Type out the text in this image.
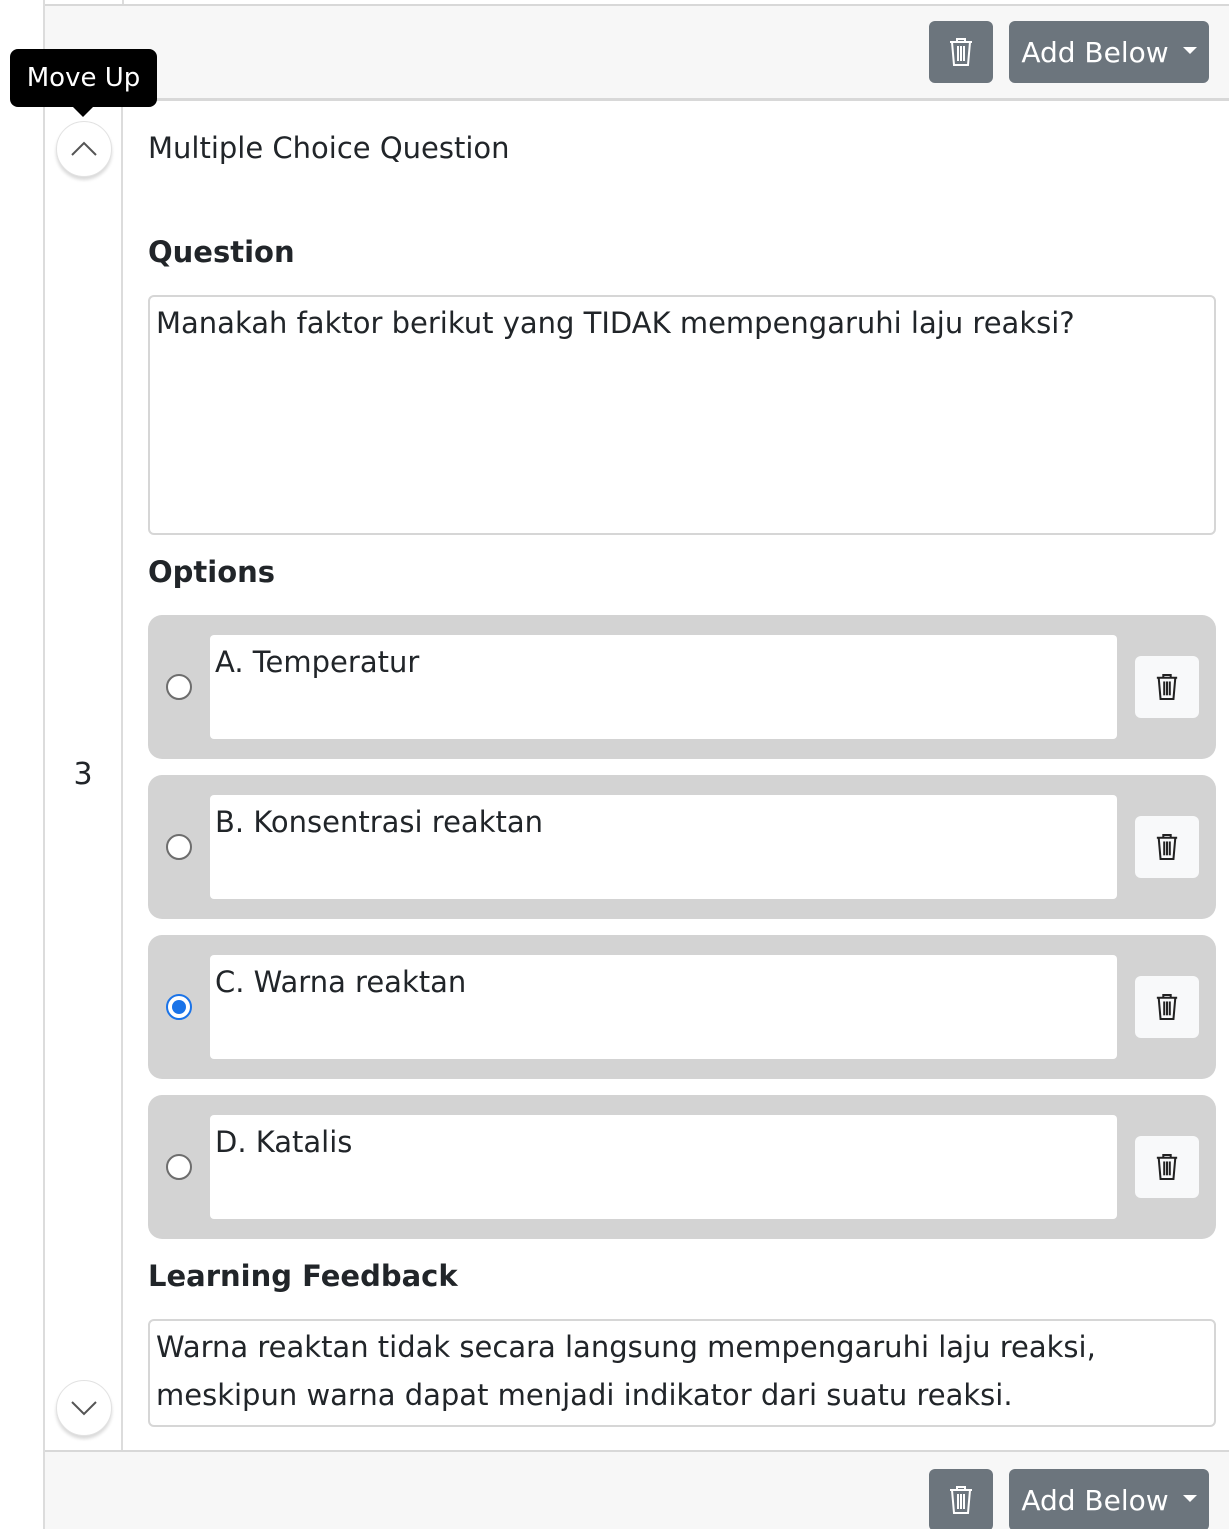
Add Below
3
Move Up
Multiple Choice Question
Question
Manakah faktor berikut yang TIDAK mempengaruhi laju reaksi?
Options
A. Temperatur
B. Konsentrasi reaktan
C. Warna reaktan
D. Katalis
Learning Feedback
Warna reaktan tidak secara langsung mempengaruhi laju reaksi, meskipun warna dapat menjadi indikator dari suatu reaksi.
Add Below
